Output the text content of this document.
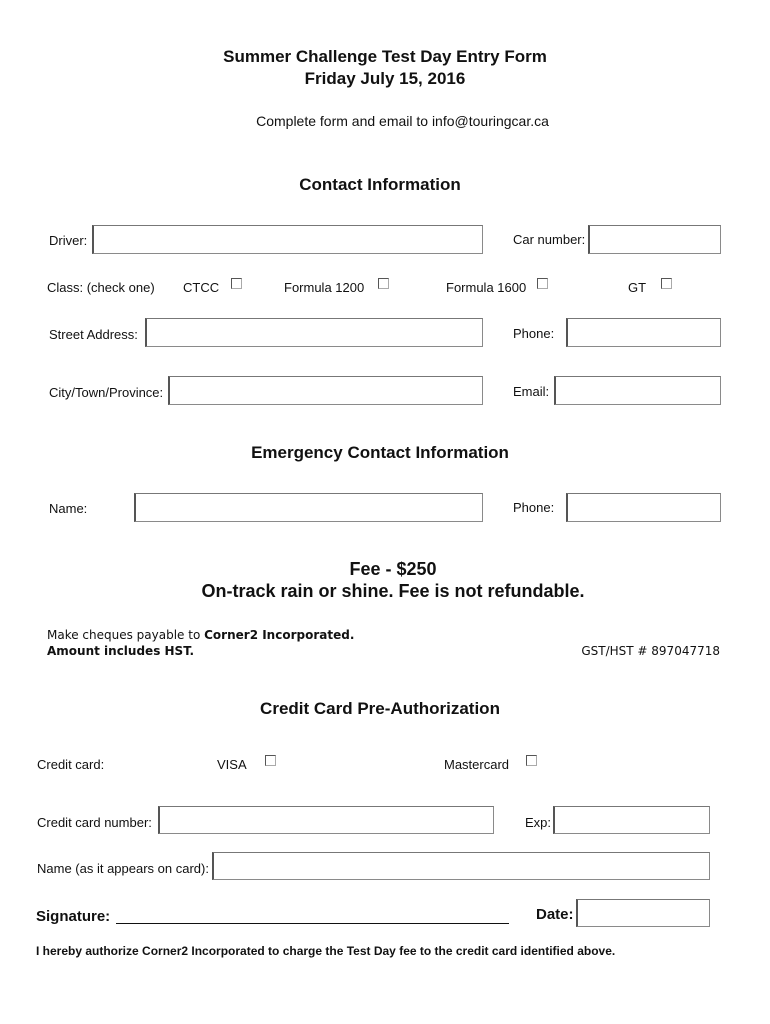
Summer Challenge Test Day Entry Form
Friday July 15, 2016
Complete form and email to info@touringcar.ca
Contact Information
Driver:	Car number:
Class: (check one) CTCC	Formula 1200	Formula 1600	GT
Street Address:	Phone:
City/Town/Province:	Email:
Emergency Contact Information
Name:	Phone:
Fee - $250
On-track rain or shine. Fee is not refundable.
Make cheques payable to Corner2 Incorporated.
Amount includes HST.	GST/HST # 897047718
Credit Card Pre-Authorization
Credit card:	VISA	Mastercard
Credit card number:	Exp:
Name (as it appears on card):
Signature:	Date:
I hereby authorize Corner2 Incorporated to charge the Test Day fee to the credit card identified above.
